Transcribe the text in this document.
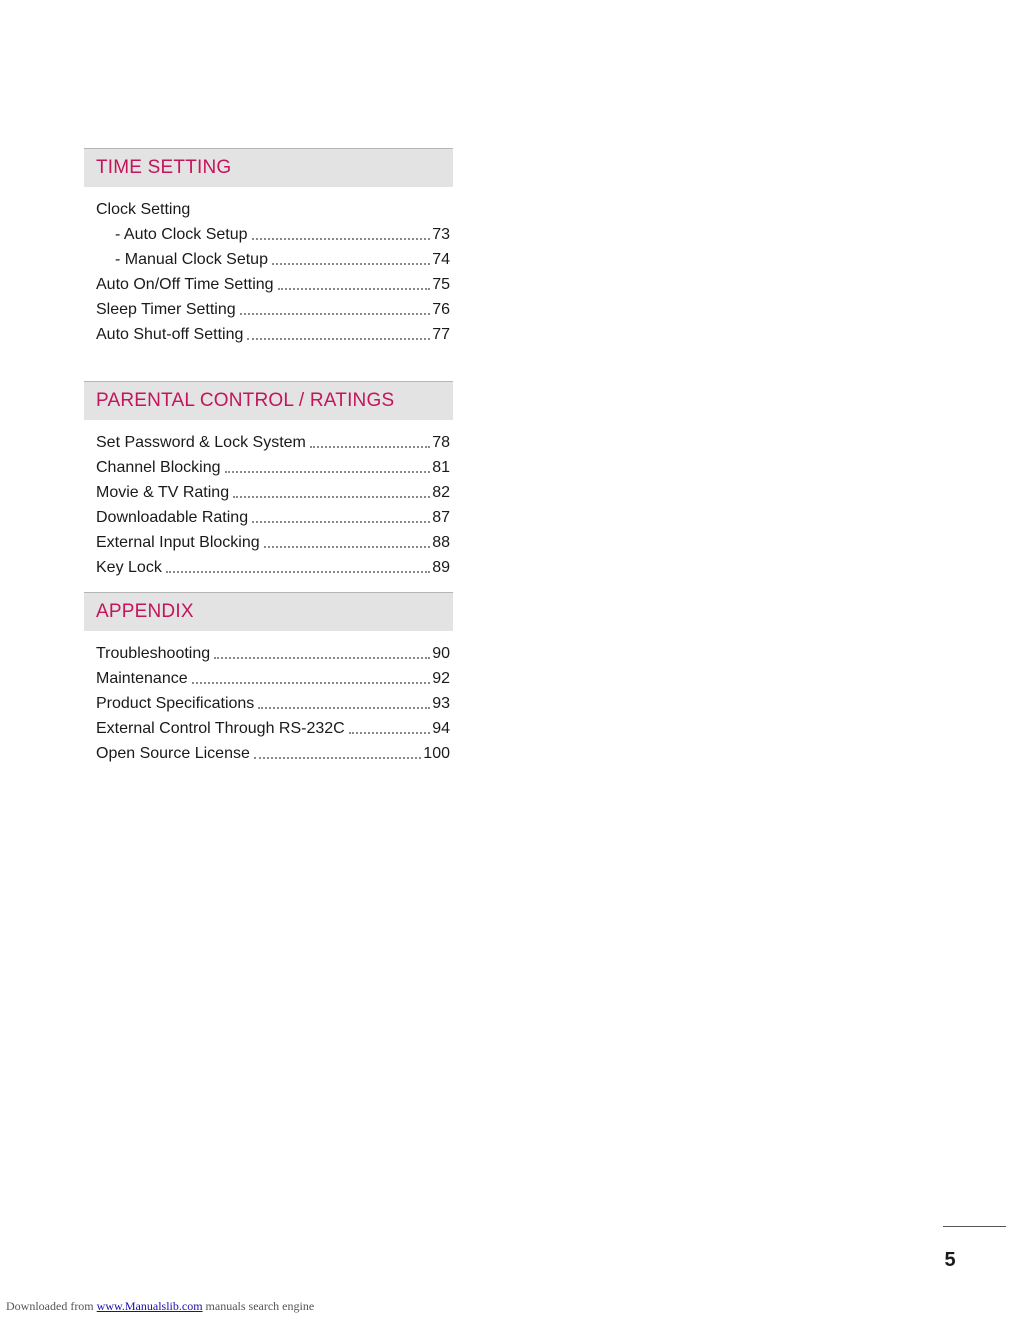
TIME SETTING
Clock Setting
- Auto Clock Setup	73
- Manual Clock Setup	74
Auto On/Off Time Setting	75
Sleep Timer Setting	76
Auto Shut-off Setting	77
PARENTAL CONTROL / RATINGS
Set Password & Lock System	78
Channel Blocking	81
Movie & TV Rating	82
Downloadable Rating	87
External Input Blocking	88
Key Lock	89
APPENDIX
Troubleshooting	90
Maintenance	92
Product Specifications	93
External Control Through RS-232C	94
Open Source License	100
5
Downloaded from www.Manualslib.com manuals search engine
